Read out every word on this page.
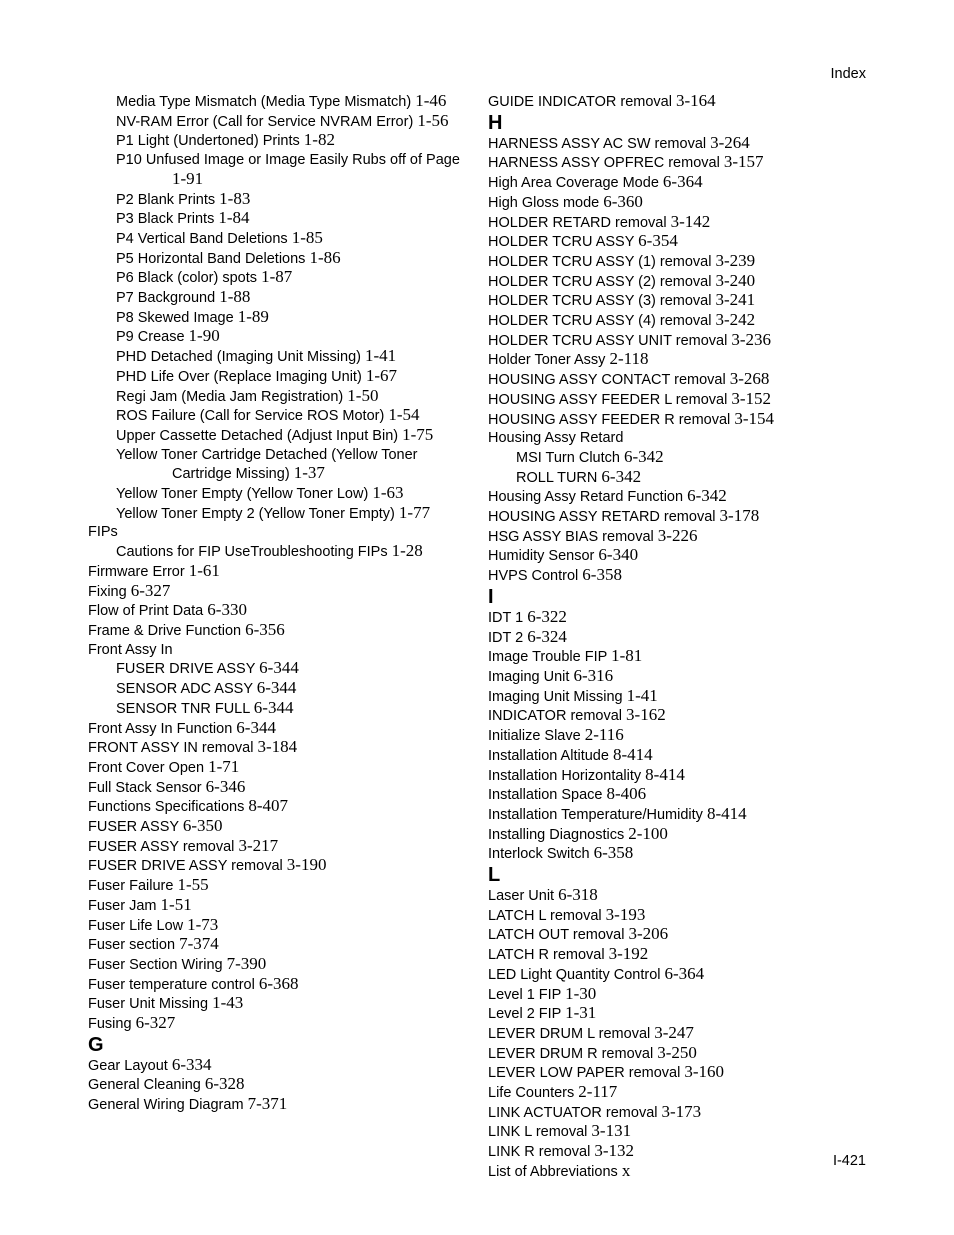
Index

Media Type Mismatch (Media Type Mismatch) 1-46

NV-RAM Error (Call for Service NVRAM Error) 1-56

P1 Light (Undertoned) Prints 1-82

P10 Unfused Image or Image Easily Rubs off of Page 1-91

P2 Blank Prints 1-83

P3 Black Prints 1-84

P4 Vertical Band Deletions 1-85

P5 Horizontal Band Deletions 1-86

P6 Black (color) spots 1-87

P7 Background 1-88

P8 Skewed Image 1-89

P9 Crease 1-90

PHD Detached (Imaging Unit Missing) 1-41

PHD Life Over (Replace Imaging Unit) 1-67

Regi Jam (Media Jam Registration) 1-50

ROS Failure (Call for Service ROS Motor) 1-54

Upper Cassette Detached (Adjust Input Bin) 1-75

Yellow Toner Cartridge Detached (Yellow Toner Cartridge Missing) 1-37

Yellow Toner Empty (Yellow Toner Low) 1-63

Yellow Toner Empty 2 (Yellow Toner Empty) 1-77

FIPs

Cautions for FIP UseTroubleshooting FIPs 1-28

Firmware Error 1-61

Fixing 6-327

Flow of Print Data 6-330

Frame & Drive Function 6-356

Front Assy In

FUSER DRIVE ASSY 6-344

SENSOR ADC ASSY 6-344

SENSOR TNR FULL 6-344

Front Assy In Function 6-344

FRONT ASSY IN removal 3-184

Front Cover Open 1-71

Full Stack Sensor 6-346

Functions Specifications 8-407

FUSER ASSY 6-350

FUSER ASSY removal 3-217

FUSER DRIVE ASSY removal 3-190

Fuser Failure 1-55

Fuser Jam 1-51

Fuser Life Low 1-73

Fuser section 7-374

Fuser Section Wiring 7-390

Fuser temperature control 6-368

Fuser Unit Missing 1-43

Fusing 6-327

G

Gear Layout 6-334

General Cleaning 6-328

General Wiring Diagram 7-371

GUIDE INDICATOR removal 3-164

H

HARNESS ASSY AC SW removal 3-264

HARNESS ASSY OPFREC removal 3-157

High Area Coverage Mode 6-364

High Gloss mode 6-360

HOLDER RETARD removal 3-142

HOLDER TCRU ASSY 6-354

HOLDER TCRU ASSY (1) removal 3-239

HOLDER TCRU ASSY (2) removal 3-240

HOLDER TCRU ASSY (3) removal 3-241

HOLDER TCRU ASSY (4) removal 3-242

HOLDER TCRU ASSY UNIT removal 3-236

Holder Toner Assy 2-118

HOUSING ASSY CONTACT removal 3-268

HOUSING ASSY FEEDER L removal 3-152

HOUSING ASSY FEEDER R removal 3-154

Housing Assy Retard

MSI Turn Clutch 6-342

ROLL TURN 6-342

Housing Assy Retard Function 6-342

HOUSING ASSY RETARD removal 3-178

HSG ASSY BIAS removal 3-226

Humidity Sensor 6-340

HVPS Control 6-358

I

IDT 1 6-322

IDT 2 6-324

Image Trouble FIP 1-81

Imaging Unit 6-316

Imaging Unit Missing 1-41

INDICATOR removal 3-162

Initialize Slave 2-116

Installation Altitude 8-414

Installation Horizontality 8-414

Installation Space 8-406

Installation Temperature/Humidity 8-414

Installing Diagnostics 2-100

Interlock Switch 6-358

L

Laser Unit 6-318

LATCH L removal 3-193

LATCH OUT removal 3-206

LATCH R removal 3-192

LED Light Quantity Control 6-364

Level 1 FIP 1-30

Level 2 FIP 1-31

LEVER DRUM L removal 3-247

LEVER DRUM R removal 3-250

LEVER LOW PAPER removal 3-160

Life Counters 2-117

LINK ACTUATOR removal 3-173

LINK L removal 3-131

LINK R removal 3-132

List of Abbreviations x	I-421
